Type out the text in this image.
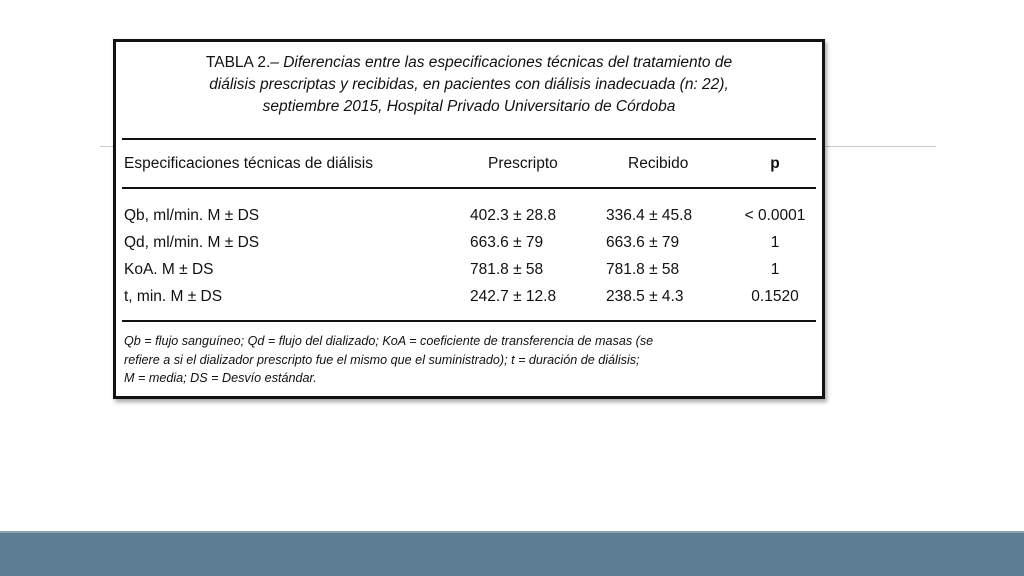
TABLA 2.– Diferencias entre las especificaciones técnicas del tratamiento de
diálisis prescriptas y recibidas, en pacientes con diálisis inadecuada (n: 22),
septiembre 2015, Hospital Privado Universitario de Córdoba
Especificaciones técnicas de diálisis	Prescripto	Recibido	p
Qb, ml/min. M ± DS	402.3 ± 28.8	336.4 ± 45.8	< 0.0001
Qd, ml/min. M ± DS	663.6 ± 79	663.6 ± 79	1
KoA. M ± DS	781.8 ± 58	781.8 ± 58	1
t, min. M ± DS	242.7 ± 12.8	238.5 ± 4.3	0.1520
Qb = flujo sanguíneo; Qd = flujo del dializado; KoA = coeficiente de transferencia de masas (se
refiere a si el dializador prescripto fue el mismo que el suministrado); t = duración de diálisis;
M = media; DS = Desvío estándar.
